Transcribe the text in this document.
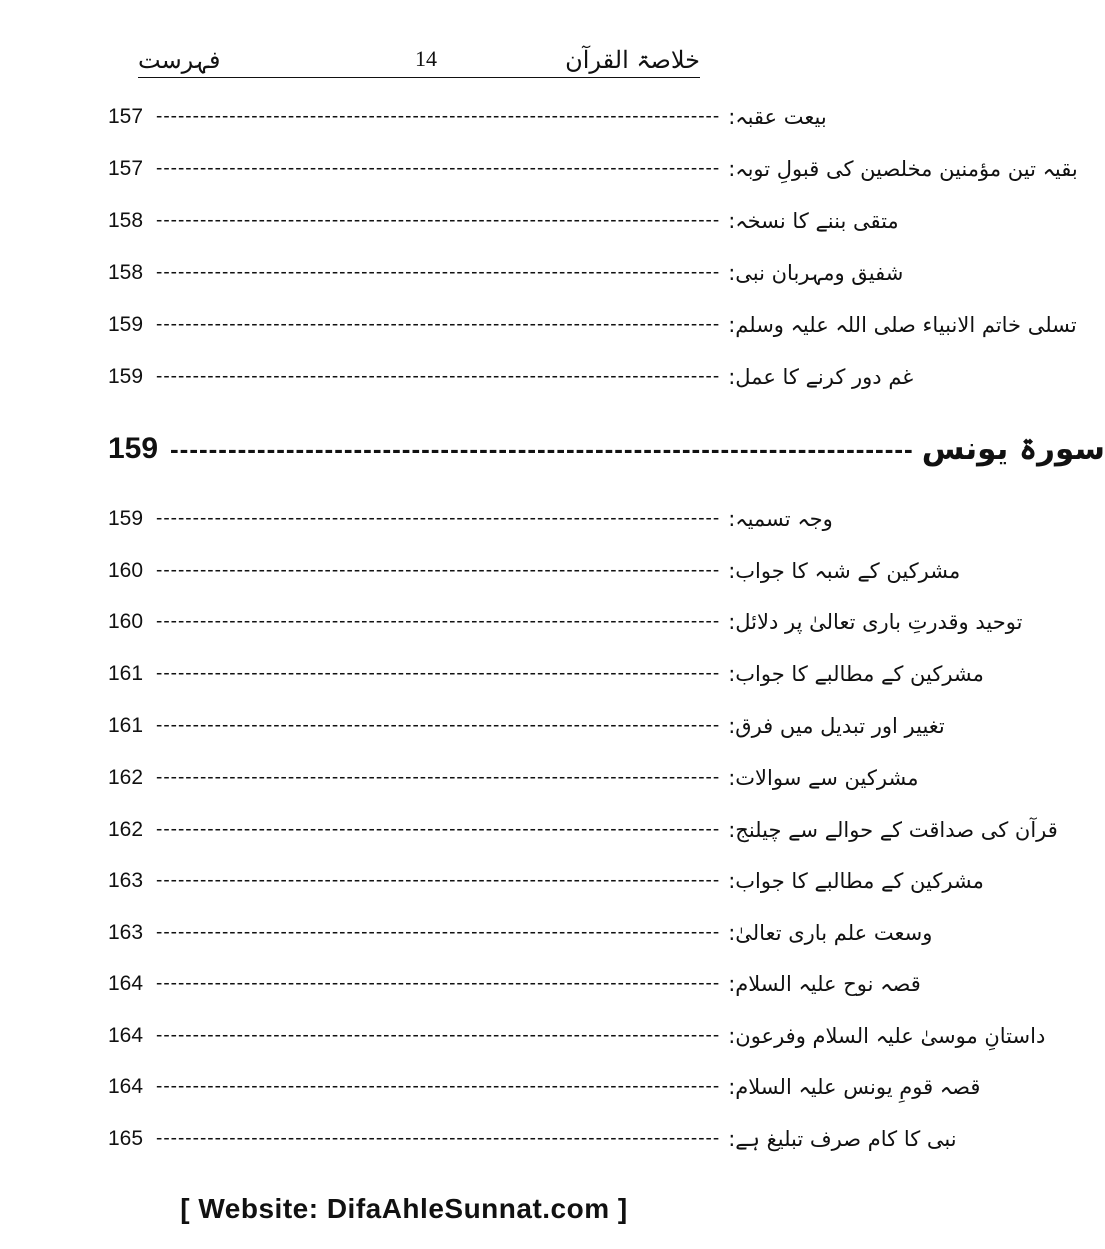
فہرست	14	خلاصۃ القرآن
157 ----------------------------------------------------------------------------- بیعت عقبہ:
157 ----------------------------------------------------------------------------- بقیہ تین مؤمنین مخلصین کی قبولِ توبہ:
158 ----------------------------------------------------------------------------- متقی بننے کا نسخہ:
158 ----------------------------------------------------------------------------- شفیق ومہربان نبی:
159 ----------------------------------------------------------------------------- تسلی خاتم الانبیاء صلی اللہ علیہ وسلم:
159 ----------------------------------------------------------------------------- غم دور کرنے کا عمل:
159 ----------------------------------------------------------------------------- سورۃ یونس
159 ----------------------------------------------------------------------------- وجہ تسمیہ:
160 ----------------------------------------------------------------------------- مشرکین کے شبہ کا جواب:
160 ----------------------------------------------------------------------------- توحید وقدرتِ باری تعالیٰ پر دلائل:
161 ----------------------------------------------------------------------------- مشرکین کے مطالبے کا جواب:
161 ----------------------------------------------------------------------------- تغییر اور تبدیل میں فرق:
162 ----------------------------------------------------------------------------- مشرکین سے سوالات:
162 ----------------------------------------------------------------------------- قرآن کی صداقت کے حوالے سے چیلنج:
163 ----------------------------------------------------------------------------- مشرکین کے مطالبے کا جواب:
163 ----------------------------------------------------------------------------- وسعت علم باری تعالیٰ:
164 ----------------------------------------------------------------------------- قصہ نوح علیہ السلام:
164 ----------------------------------------------------------------------------- داستانِ موسیٰ علیہ السلام وفرعون:
164 ----------------------------------------------------------------------------- قصہ قومِ یونس علیہ السلام:
165 ----------------------------------------------------------------------------- نبی کا کام صرف تبلیغ ہے:
[ Website: DifaAhleSunnat.com ]
